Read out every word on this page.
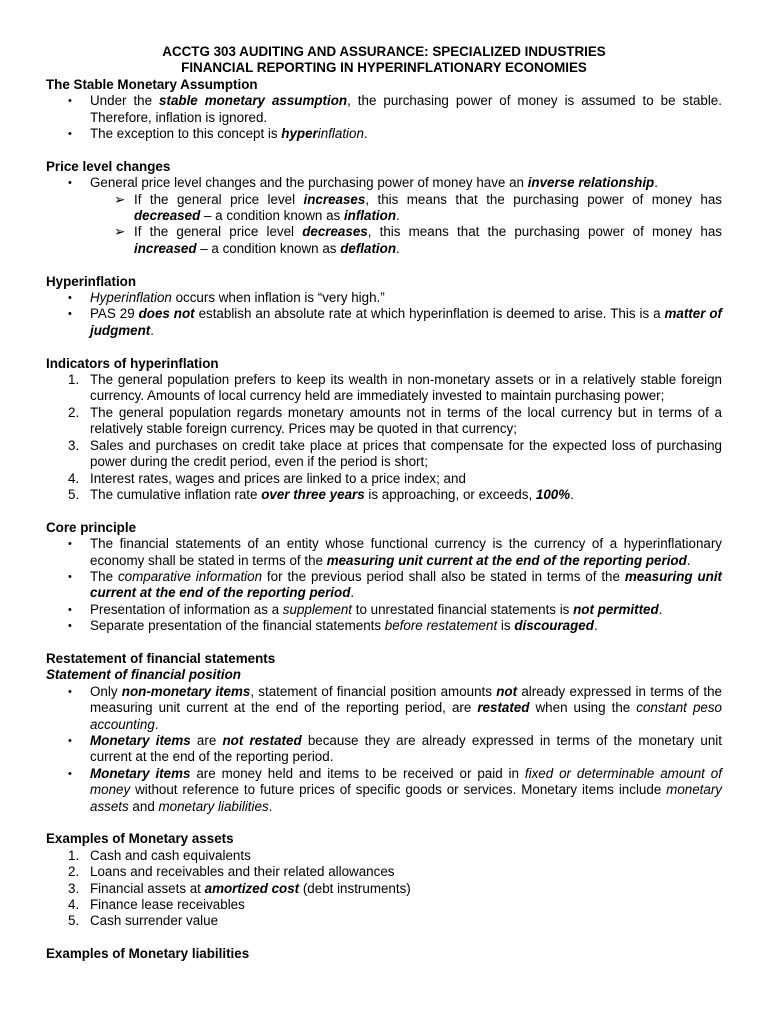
ACCTG 303 AUDITING AND ASSURANCE: SPECIALIZED INDUSTRIES

FINANCIAL REPORTING IN HYPERINFLATIONARY ECONOMIES

The Stable Monetary Assumption

• Under the stable monetary assumption, the purchasing power of money is assumed to be stable. Therefore, inflation is ignored.
• The exception to this concept is hyperinflation.

Price level changes

• General price level changes and the purchasing power of money have an inverse relationship.
➢ If the general price level increases, this means that the purchasing power of money has decreased – a condition known as inflation.
➢ If the general price level decreases, this means that the purchasing power of money has increased – a condition known as deflation.

Hyperinflation

• Hyperinflation occurs when inflation is “very high.”
• PAS 29 does not establish an absolute rate at which hyperinflation is deemed to arise. This is a matter of judgment.

Indicators of hyperinflation

1. The general population prefers to keep its wealth in non-monetary assets or in a relatively stable foreign currency. Amounts of local currency held are immediately invested to maintain purchasing power;
2. The general population regards monetary amounts not in terms of the local currency but in terms of a relatively stable foreign currency. Prices may be quoted in that currency;
3. Sales and purchases on credit take place at prices that compensate for the expected loss of purchasing power during the credit period, even if the period is short;
4. Interest rates, wages and prices are linked to a price index; and
5. The cumulative inflation rate over three years is approaching, or exceeds, 100%.

Core principle

• The financial statements of an entity whose functional currency is the currency of a hyperinflationary economy shall be stated in terms of the measuring unit current at the end of the reporting period.
• The comparative information for the previous period shall also be stated in terms of the measuring unit current at the end of the reporting period.
• Presentation of information as a supplement to unrestated financial statements is not permitted.
• Separate presentation of the financial statements before restatement is discouraged.

Restatement of financial statements

Statement of financial position

• Only non-monetary items, statement of financial position amounts not already expressed in terms of the measuring unit current at the end of the reporting period, are restated when using the constant peso accounting.
• Monetary items are not restated because they are already expressed in terms of the monetary unit current at the end of the reporting period.
• Monetary items are money held and items to be received or paid in fixed or determinable amount of money without reference to future prices of specific goods or services. Monetary items include monetary assets and monetary liabilities.

Examples of Monetary assets

1. Cash and cash equivalents
2. Loans and receivables and their related allowances
3. Financial assets at amortized cost (debt instruments)
4. Finance lease receivables
5. Cash surrender value

Examples of Monetary liabilities
